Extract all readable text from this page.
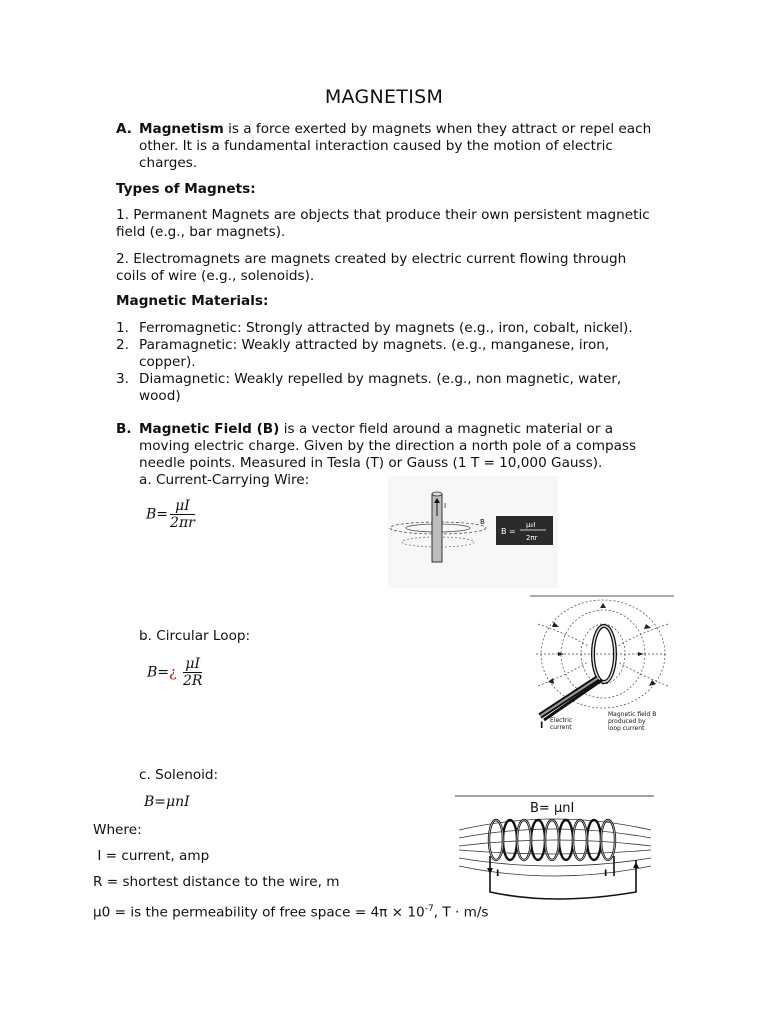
MAGNETISM
A. Magnetism is a force exerted by magnets when they attract or repel each
other. It is a fundamental interaction caused by the motion of electric
charges.
Types of Magnets:
1. Permanent Magnets are objects that produce their own persistent magnetic
field (e.g., bar magnets).
2. Electromagnets are magnets created by electric current flowing through
coils of wire (e.g., solenoids).
Magnetic Materials:
1. Ferromagnetic: Strongly attracted by magnets (e.g., iron, cobalt, nickel).
2. Paramagnetic: Weakly attracted by magnets. (e.g., manganese, iron,
copper).
3. Diamagnetic: Weakly repelled by magnets. (e.g., non magnetic, water,
wood)
B. Magnetic Field (B) is a vector field around a magnetic material or a
moving electric charge. Given by the direction a north pole of a compass
needle points. Measured in Tesla (T) or Gauss (1 T = 10,000 Gauss).
a. Current-Carrying Wire:
$B= \frac{\mu I}{2\pi r}$	I
B
B =
μ₀I
2πr
b. Circular Loop:
B=¿ $\frac{\mu I}{2R}$
I
Electric
current
Magnetic field B
produced by
loop current
c. Solenoid:
B=μnI	B= μnI
I	I
Where:
I = current, amp
R = shortest distance to the wire, m
μ0 = is the permeability of free space = $4\pi \times 10^{-7}$, T · m/s
